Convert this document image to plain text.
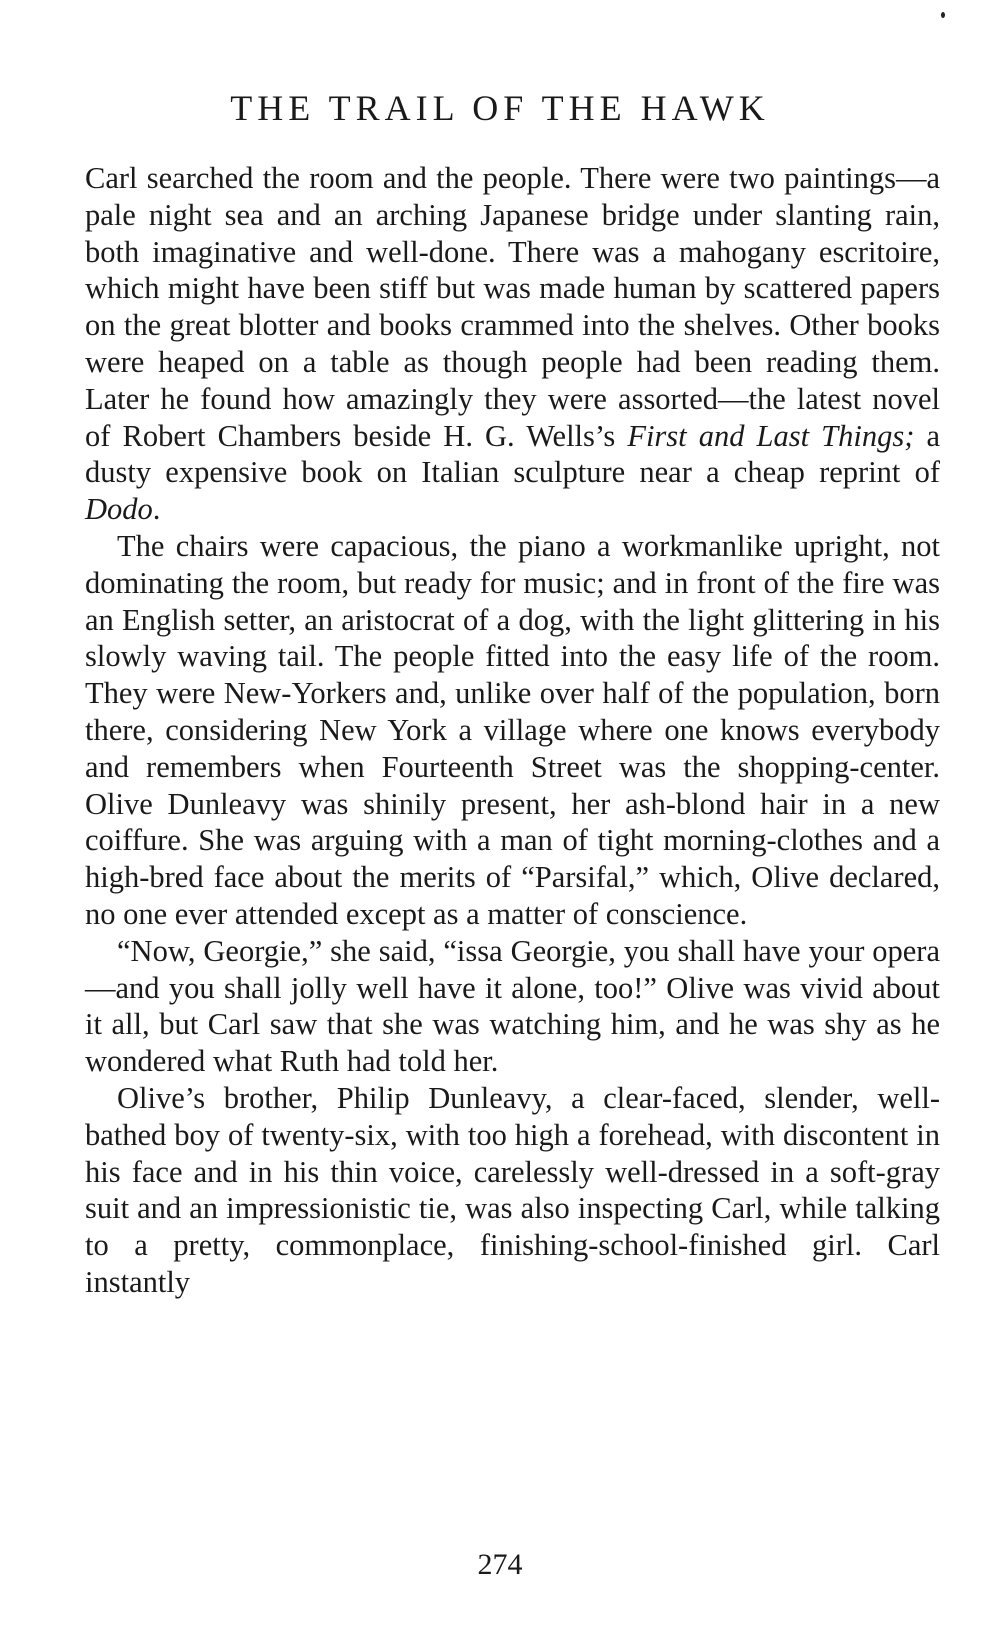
THE TRAIL OF THE HAWK

Carl searched the room and the people. There were two paintings—a pale night sea and an arching Japanese bridge under slanting rain, both imaginative and well-done. There was a mahogany escritoire, which might have been stiff but was made human by scattered papers on the great blotter and books crammed into the shelves. Other books were heaped on a table as though people had been reading them. Later he found how amazingly they were assorted—the latest novel of Robert Chambers beside H. G. Wells’s First and Last Things; a dusty expensive book on Italian sculpture near a cheap reprint of Dodo.

The chairs were capacious, the piano a workmanlike upright, not dominating the room, but ready for music; and in front of the fire was an English setter, an aristocrat of a dog, with the light glittering in his slowly waving tail. The people fitted into the easy life of the room. They were New-Yorkers and, unlike over half of the population, born there, considering New York a village where one knows everybody and remembers when Fourteenth Street was the shopping-center. Olive Dunleavy was shinily present, her ash-blond hair in a new coiffure. She was arguing with a man of tight morning-clothes and a high-bred face about the merits of “Parsifal,” which, Olive declared, no one ever attended except as a matter of conscience.

“Now, Georgie,” she said, “issa Georgie, you shall have your opera—and you shall jolly well have it alone, too!” Olive was vivid about it all, but Carl saw that she was watching him, and he was shy as he wondered what Ruth had told her.

Olive’s brother, Philip Dunleavy, a clear-faced, slender, well-bathed boy of twenty-six, with too high a forehead, with discontent in his face and in his thin voice, carelessly well-dressed in a soft-gray suit and an impressionistic tie, was also inspecting Carl, while talking to a pretty, commonplace, finishing-school-finished girl. Carl instantly

274
